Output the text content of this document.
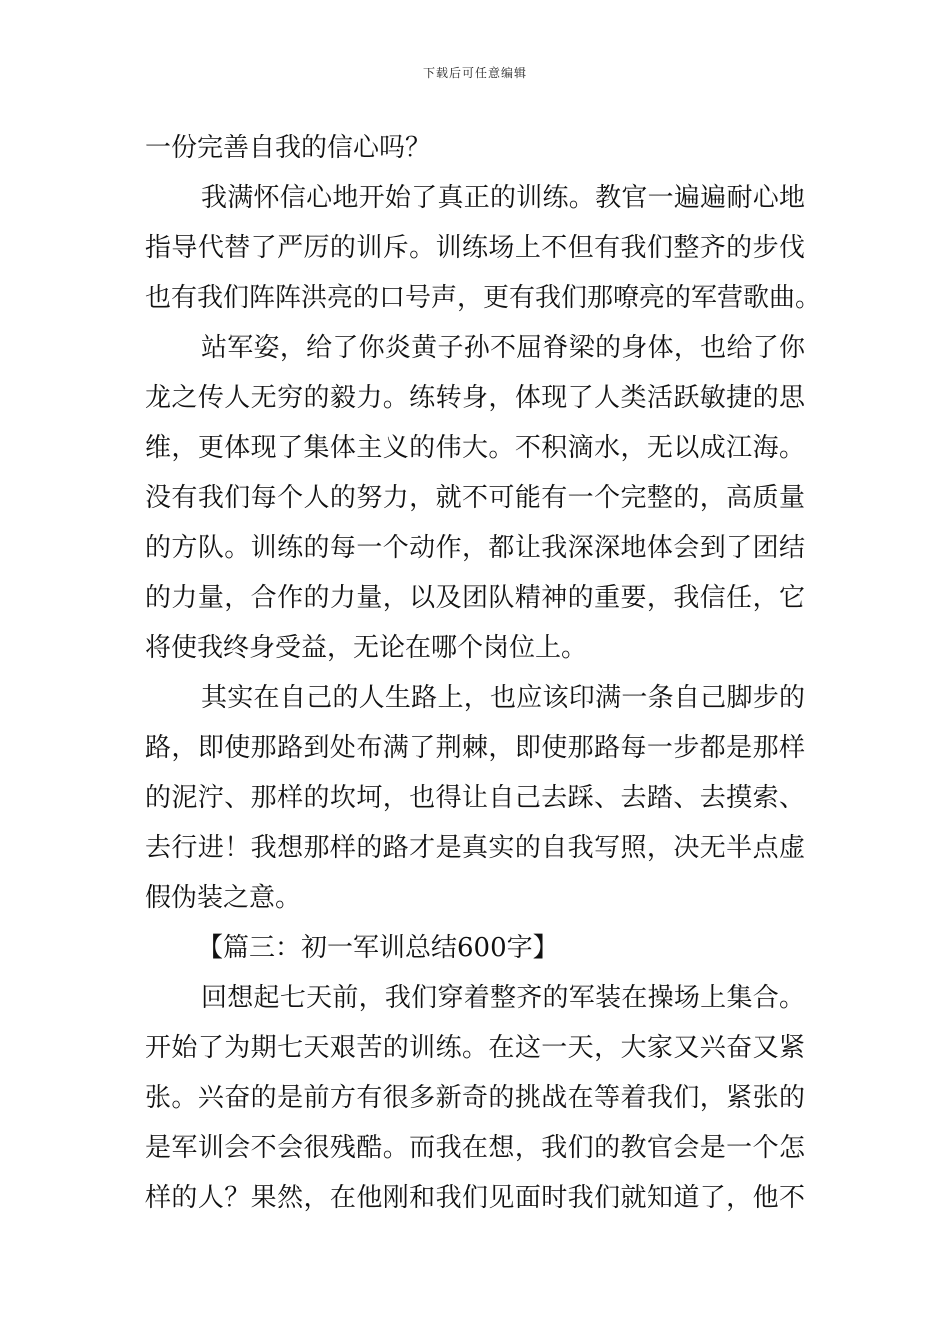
下载后可任意编辑
一份完善自我的信心吗？
我满怀信心地开始了真正的训练。教官一遍遍耐心地
指导代替了严厉的训斥。训练场上不但有我们整齐的步伐
也有我们阵阵洪亮的口号声，更有我们那嘹亮的军营歌曲。
站军姿，给了你炎黄子孙不屈脊梁的身体，也给了你
龙之传人无穷的毅力。练转身，体现了人类活跃敏捷的思
维，更体现了集体主义的伟大。不积滴水，无以成江海。
没有我们每个人的努力，就不可能有一个完整的，高质量
的方队。训练的每一个动作，都让我深深地体会到了团结
的力量，合作的力量，以及团队精神的重要，我信任，它
将使我终身受益，无论在哪个岗位上。
其实在自己的人生路上，也应该印满一条自己脚步的
路，即使那路到处布满了荆棘，即使那路每一步都是那样
的泥泞、那样的坎坷，也得让自己去踩、去踏、去摸索、
去行进！我想那样的路才是真实的自我写照，决无半点虚
假伪装之意。
【篇三：初一军训总结600字】
回想起七天前，我们穿着整齐的军装在操场上集合。
开始了为期七天艰苦的训练。在这一天，大家又兴奋又紧
张。兴奋的是前方有很多新奇的挑战在等着我们，紧张的
是军训会不会很残酷。而我在想，我们的教官会是一个怎
样的人？果然，在他刚和我们见面时我们就知道了，他不
